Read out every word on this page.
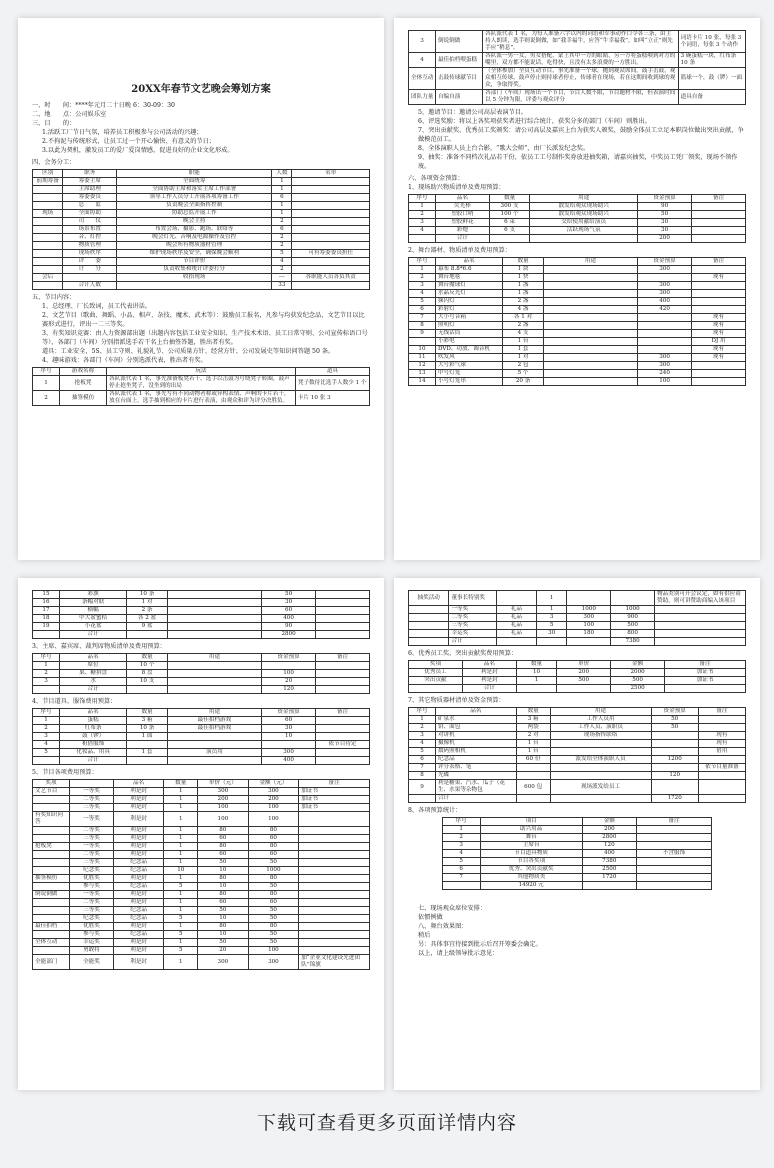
20XX年春节文艺晚会筹划方案
一、时　　间：****年元月二十日晚 6：30-09：30
二、地　　点：公司娱乐室
三、目　　的：
1.活跃工厂节日气氛，培养员工积极参与公司活动的兴趣；
2.不拘泥与传统形式，让员工过一个开心愉快、有意义的节日；
3.以此为契机，激发员工的爱厂爱岗情感，促进良好的企业文化形成。
四、会务分工：
区别	职务	职能	人数	名单
前期筹备	筹委主席	全面统筹	1	
	主席助理	全面协助主席和落实主席工作部署	1	
	筹委委员	领导工作人员分工开展各项筹备工作	6	
	总　　监	负责晚会全面指挥控制	1	
现场	全面协助	协助总监开展工作	1	
	司　　仪	晚会主持	2	
	场景布置	布置会场、摄影、跑场、联络等	6	
	音、灯控	晚会灯光、音响及电源操作及管控	2	
	物质管理	晚会所有物质器材管理	2	
	现场秩序	维护现场秩序及安全，确保晚会顺利	5	可有筹委委员担任
	评　　委	节目评价	4	
	计　　分	负责收集和统计评委打分	2	
会后		收拾现场	---	各职能人员各负其责
	合计人数		33	
五、节目内容：
1、总经理、厂长致词，员工代表讲话。
2、文艺节目（歌曲、舞蹈、小品、相声、杂技、魔术、武术等）：鼓励员工报名，凡参与均获发纪念品，文艺节目以比赛形式进行，评出一二三等奖。
3、有奖知识竞赛：由人力资源部出题（出题内容包括工业安全知识、生产技术术语、员工日常守则、公司宣传标语口号等），各部门（车间）分别指派选手若干名上台抽签答题，胜出者有奖。
道具：工业安全、5S、员工守则、礼貌礼节、公司质量方针、经营方针、公司发展史等知识问答题 50 条。
4、趣味游戏：各部门（车间）分别选派代表，胜出者有奖。
序号	游戏名称	玩法	道具
1	抢板凳	各队派代表 1 名，事先准备板凳若干，选手以击鼓为号绕凳子转圈，鼓声停止抢坐凳子，没坐到的出局	凳子数待比选手人数少 1 个
2	抽签模仿	各队派代表 1 名，事先写有不同动物者称或异构表情、声响的卡片若干，放在台面上，选手抽到相应的卡片进行表演，由观众和评为评分决胜负。	卡片 10 张 3
3	倒说倒做	各队派代表 1 名，为每人准备六字以内的词语和军事动作口令各三条，由主持人朗读，选手则说倒做，如“我幸福牛，应答“牛幸福我”，如叫“立正”则先手应“稍息”。	词语卡片 10 张，每张 3 个词语，每张 3 个动作
4	最佳拍档喂蛋糕	各队派一男一女，男女搭配，蒙上其中一方的眼睛，另一方将蛋糕喂到对方的嘴里，双方都不能说话，吃得快，且没有太多浪费的一方胜出。	3 碗蛋糕一块，红布条 10 条
全体互动	击鼓传球献节目	（全体参加）全员互动节目，事先准备一个球，抛到观众席间，鼓手击鼓，观众相互传球，鼓声停止则持球者停止，传球者在现场，若在这期间收到球的观众，争取得奖。	篮球一个，鼓（锣）一面
团队力量	自编自演	各部门（车间）现场出一个节目，节目人数不限，节目题材不限，但表演时间以 5 分钟为限，评委与观众评分	道具自备
5、邀请节目：邀请公司高层表演节目。
6、评选奖励：将以上各奖项获奖者进行综合统计，获奖分多的部门（车间）则胜出。
7、突出贡献奖、优秀员工奖颁奖：请公司高层及嘉宾上台为获奖人颁奖，鼓励全体员工立足本职岗位做出突出贡献，争做模范员工。
8、全体演职人员上台合影，“歌大会师”，由厂长派发纪念奖。
9、抽奖：准备不同档次礼品若干份，依员工工号制作奖券放进抽奖箱，请嘉宾抽奖，中奖员工凭厂领奖，现场不领作废。
六、各项资金预算：
1、现场助兴物质清单及费用预算：
序号	品名	数量	用途	资金预算	备注
1	荧光棒	300 支	散发给观众现场助兴	90	
2	塑胶口哨	100 个	散发给观众现场助兴	50	
3	塑胶鲜花	6 束	交给使用献给演员	30	
4	彩炮	6 支	活跃现场气氛	30	
	合计			200	
2、舞台器材、物质清单及费用预算：
序号	品名	数量	用途	资金预算	备注
1	幕布 8.8*6.6	1 块		300	
2	舞台地毯	1 快			现有
3	舞台魔球灯	1 盏		300	
4	水晶反光灯	1 盏		300	
5	频闪灯	2 盏		400	
6	彩射灯	4 盏		420	
7	大小号音箱	各 1 对			现有
8	照明灯	2 盏			现有
9	无线话筒	4 支			现有
	小彩电	1 台			DJ 用
10	DVD、功放、调音机	1 套			现有
11	吹发风	1 对		300	现有
12	大号彩气球	2 包		300	
13	中号灯笼	5 个		240	
14	小号灯笼串	20 条		100	
15	彩旗	10 条		50	
16	条幅对联	1 对		30	
17	横幅	2 条		60	
18	中大盆蜜桔	各 2 盆		400	
19	小花盆	9 盆		90	
	合计			2800	
3、主席、嘉宾席、裁判席物质清单及费用预算：
序号	品名	数量	用途	资金预算	备注
1	席位	10 个			
2	果、糖拼盘	8 盘		100	
3	水	10 支		20	
	合计			120	
4、节目道具、服饰费用预算：
序号	品名	数量	用途	资金预算	备注
1	蛋糕	3 箱	最佳拍档游戏	60	
2	红布条	10 条	最佳拍档游戏	30	
3	鼓（锣）	1 面		10	
4	租借服饰				依节目待定
5	化妆品、用具	1 套	演员用	300	
	合计			400	
5、节目各项费用预算：
奖项		品名	数量	单价（元）	金额（元）	备注
文艺节目	一等奖	利是封	1	300	300	加证书
	二等奖	利是封	1	200	200	加证书
	三等奖	利是封	1	100	100	加证书
有奖知识问答	一等奖	利是封	1	100	100	
	二等奖	利是封	1	80	80	
	三等奖	利是封	1	60	60	
抢板凳	一等奖	利是封	1	80	80	
	二等奖	利是封	1	60	60	
	三等奖	纪念品	1	50	50	
	纪念奖	纪念品	10	10	1000	
抽签模仿	优胜奖	利是封	1	80	80	
	参与奖	纪念品	5	10	50	
倒说倒做	一等奖	利是封	1	80	80	
	二等奖	利是封	1	60	60	
	三等奖	纪念品	1	50	50	
	纪念奖	纪念品	5	10	50	
最佳拍档	优胜奖	利是封	1	80	80	
	参与奖	纪念品	5	10	50	
全体互动	幸运奖	利是封	1	50	50	
	勇敢将	利是封	5	20	100	
全能部门	全能奖	利是封	1	300	300	加“企业文化建设先进团队”锦旗
抽奖活动	董事长特别奖		1			物品类别可开会议定，如有供应商赞助，则可讲赞助商编入该项目
	一等奖	礼品	1	1000	1000	
	二等奖	礼品	3	300	900	
	三等奖	礼品	5	100	500	
	幸运奖	礼品	30	180	800	
	合计				7380	
6、优秀员工奖、突出贡献奖费用预算：
奖项	品名	数量	单价	金额	备注
优秀员工	利是封	10	200	2000	加证书
突出贡献	利是封	1	500	500	加证书
	合计			2500	
7、其它物质器材清单及资金预算：
序号	品名	数量	用途	资金预算	备注
1	矿泉水	3 箱	工作人员用	50	
2	饼、面包	两袋	工作人员、演职员	50	
3	对讲机	2 对	现场指挥联络		现有
4	摄像机	1 台			现有
5	数码照相机	1 台			借用
6	纪念品	60 份	派发给全体演职人员	1200	
7	评分表格、笔				依节目量准备
8	光碟			120	
9	利是糖果、汽水、瓜子（花生、水果等杂物包	600 包	现场派发给员工		
	合计			1720	
8、各项预算统计：
序号	项目	金额	备注
1	助兴用品	200	
2	舞台	2800	
3	主席台	120	
4	节目道具物质	400	不含服饰
5	节目各奖项	7380	
6	优秀、突出贡献奖	2500	
7	其他物质类	1720	
	14920 元		
七、现场观众席位安排：
依惯例做
八、舞台效果图：
稍后
另：具体事宜待接到批示后召开筹委会确定。
以上，请上级领导批示意见：
下载可查看更多页面详情内容
